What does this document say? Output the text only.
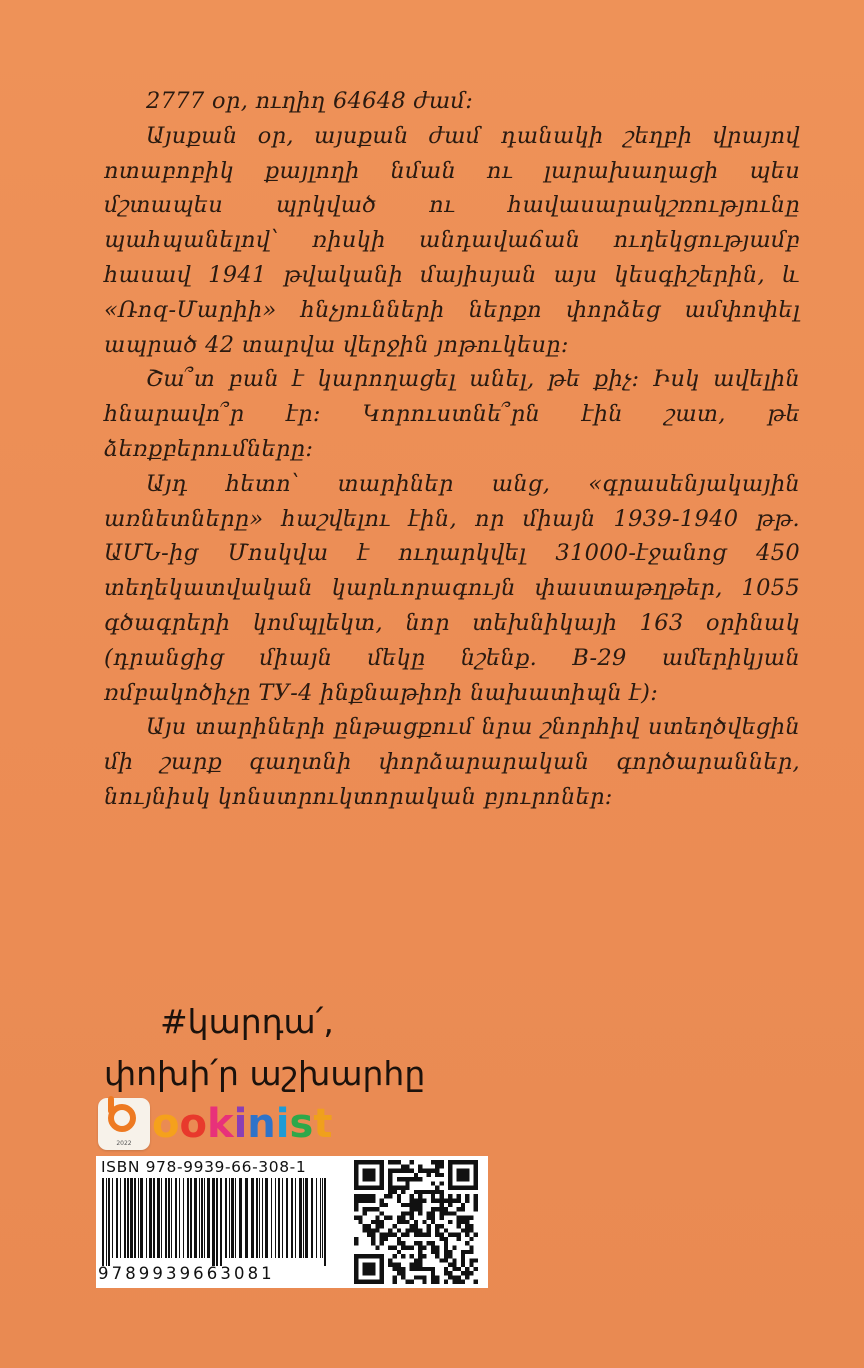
2777 օր, ուղիղ 64648 ժամ:

Այսքան օր, այսքան ժամ դանակի շեղբի վրայով ոտաբոբիկ քայլողի նման ու լարախաղացի պես մշտապես պրկված ու հավասարակշռությունը պահպանելով՝ ռիսկի անդավաճան ուղեկցությամբ հասավ 1941 թվականի մայիսյան այս կեսգիշերին, և «Ռոզ-Մարիի» հնչյունների ներքո փորձեց ամփոփել ապրած 42 տարվա վերջին յոթուկեսը:

Շա՞տ բան է կարողացել անել, թե քիչ: Իսկ ավելին հնարավո՞ր էր: Կորուստնե՞րն էին շատ, թե ձեռքբերումները:

Այդ հետո՝ տարիներ անց, «գրասենյակային առնետները» հաշվելու էին, որ միայն 1939-1940 թթ. ԱՄՆ-ից Մոսկվա է ուղարկվել 31000-էջանոց 450 տեղեկատվական կարևորագույն փաստաթղթեր, 1055 գծագրերի կոմպլեկտ, նոր տեխնիկայի 163 օրինակ (դրանցից միայն մեկը նշենք. B-29 ամերիկյան ռմբակոծիչը ТУ-4 ինքնաթիռի նախատիպն է):

Այս տարիների ընթացքում նրա շնորհիվ ստեղծվեցին մի շարք գաղտնի փորձարարական գործարաններ, նույնիսկ կոնստրուկտորական բյուրոներ:

#կարդա՛,
փոխի՛ր աշխարհը
2022 ookinist
ISBN 978-9939-66-308-1
9789939663081
